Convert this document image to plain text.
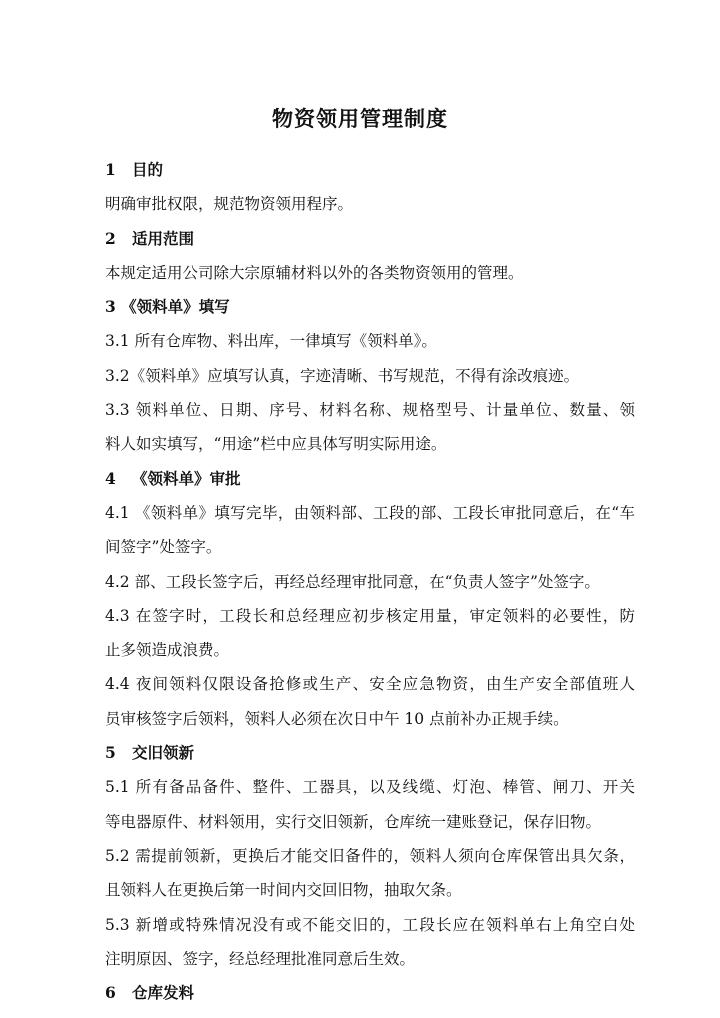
物资领用管理制度
1   目的
明确审批权限，规范物资领用程序。
2   适用范围
本规定适用公司除大宗原辅材料以外的各类物资领用的管理。
3 《领料单》填写
3.1 所有仓库物、料出库，一律填写《领料单》。
3.2《领料单》应填写认真，字迹清晰、书写规范，不得有涂改痕迹。
3.3 领料单位、日期、序号、材料名称、规格型号、计量单位、数量、领
料人如实填写，“用途”栏中应具体写明实际用途。
4   《领料单》审批
4.1 《领料单》填写完毕，由领料部、工段的部、工段长审批同意后，在“车
间签字”处签字。
4.2 部、工段长签字后，再经总经理审批同意，在“负责人签字”处签字。
4.3 在签字时，工段长和总经理应初步核定用量，审定领料的必要性，防
止多领造成浪费。
4.4 夜间领料仅限设备抢修或生产、安全应急物资，由生产安全部值班人
员审核签字后领料，领料人必须在次日中午 10 点前补办正规手续。
5   交旧领新
5.1 所有备品备件、整件、工器具，以及线缆、灯泡、棒管、闸刀、开关
等电器原件、材料领用，实行交旧领新，仓库统一建账登记，保存旧物。
5.2 需提前领新，更换后才能交旧备件的，领料人须向仓库保管出具欠条，
且领料人在更换后第一时间内交回旧物，抽取欠条。
5.3 新增或特殊情况没有或不能交旧的，工段长应在领料单右上角空白处
注明原因、签字，经总经理批准同意后生效。
6   仓库发料
